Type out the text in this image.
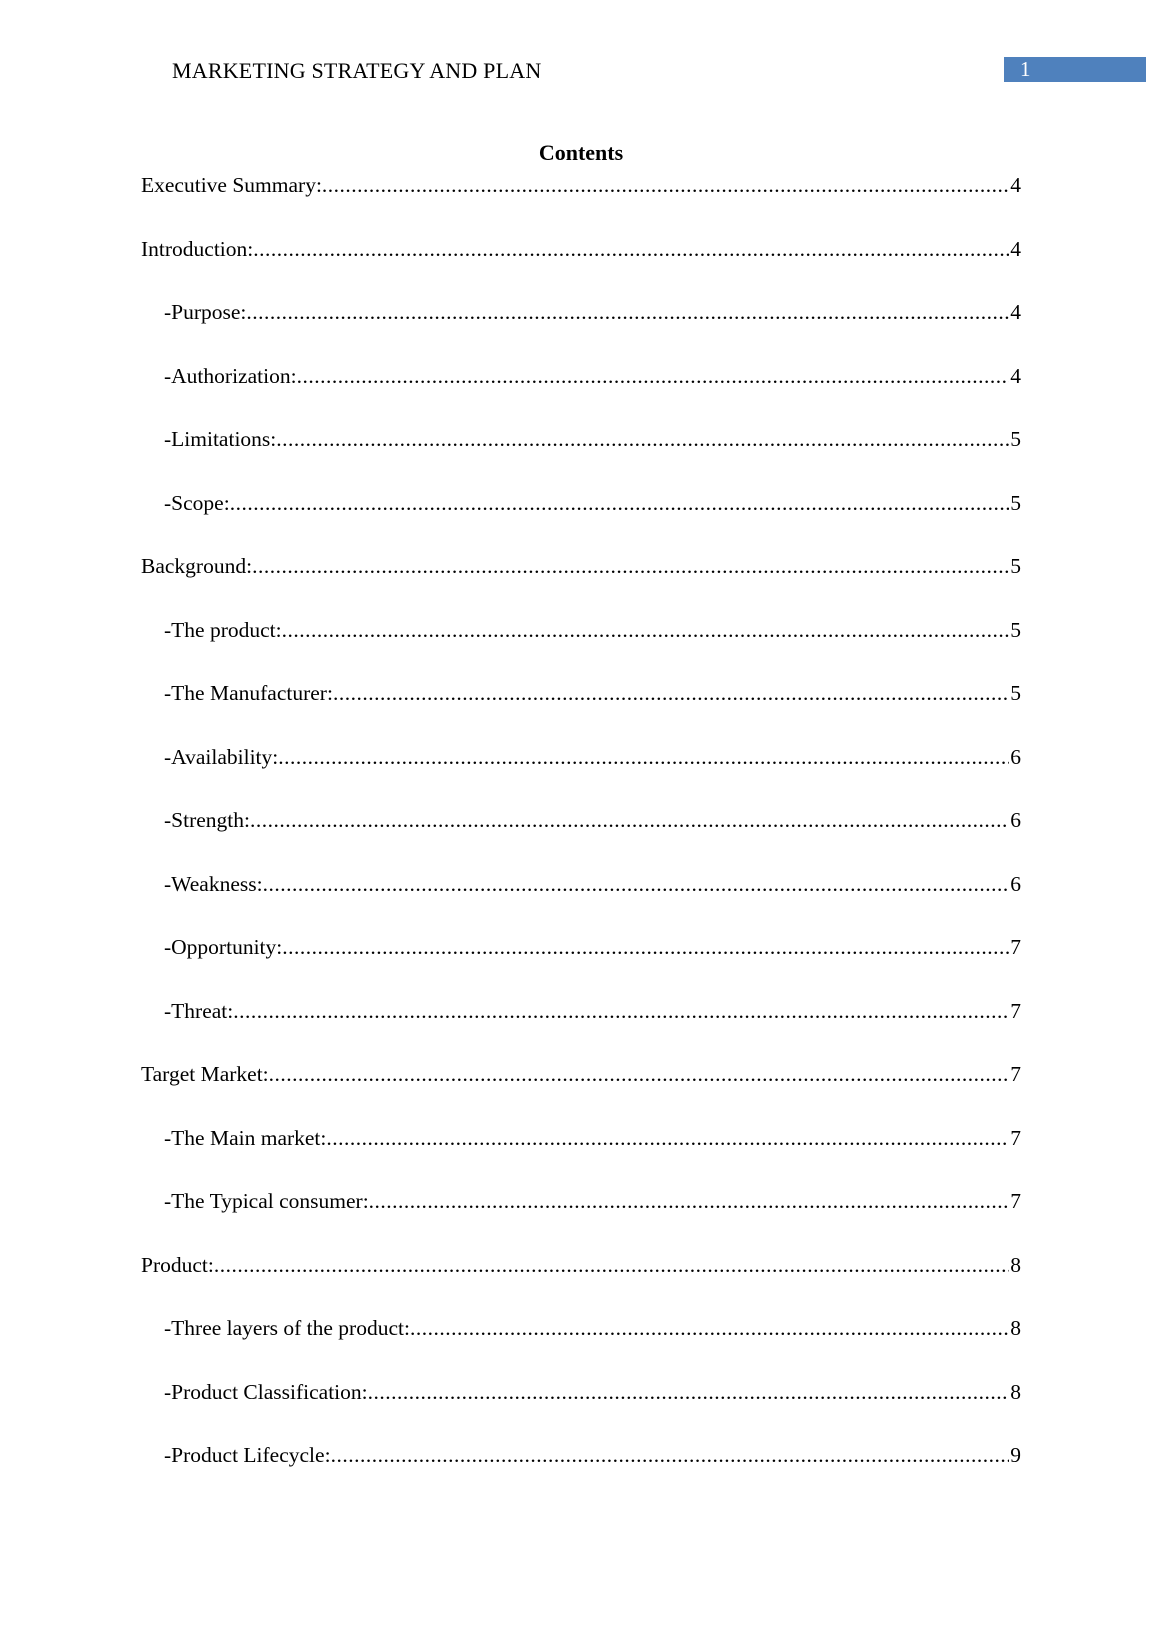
MARKETING STRATEGY AND PLAN	1
Contents
Executive Summary: .....	4
Introduction: .....	4
-Purpose: .....	4
-Authorization: .....	4
-Limitations: .....	5
-Scope: .....	5
Background: .....	5
-The product: .....	5
-The Manufacturer: .....	5
-Availability: .....	6
-Strength: .....	6
-Weakness: .....	6
-Opportunity: .....	7
-Threat: .....	7
Target Market: .....	7
-The Main market: .....	7
-The Typical consumer: .....	7
Product: .....	8
-Three layers of the product: .....	8
-Product Classification: .....	8
-Product Lifecycle: .....	9
